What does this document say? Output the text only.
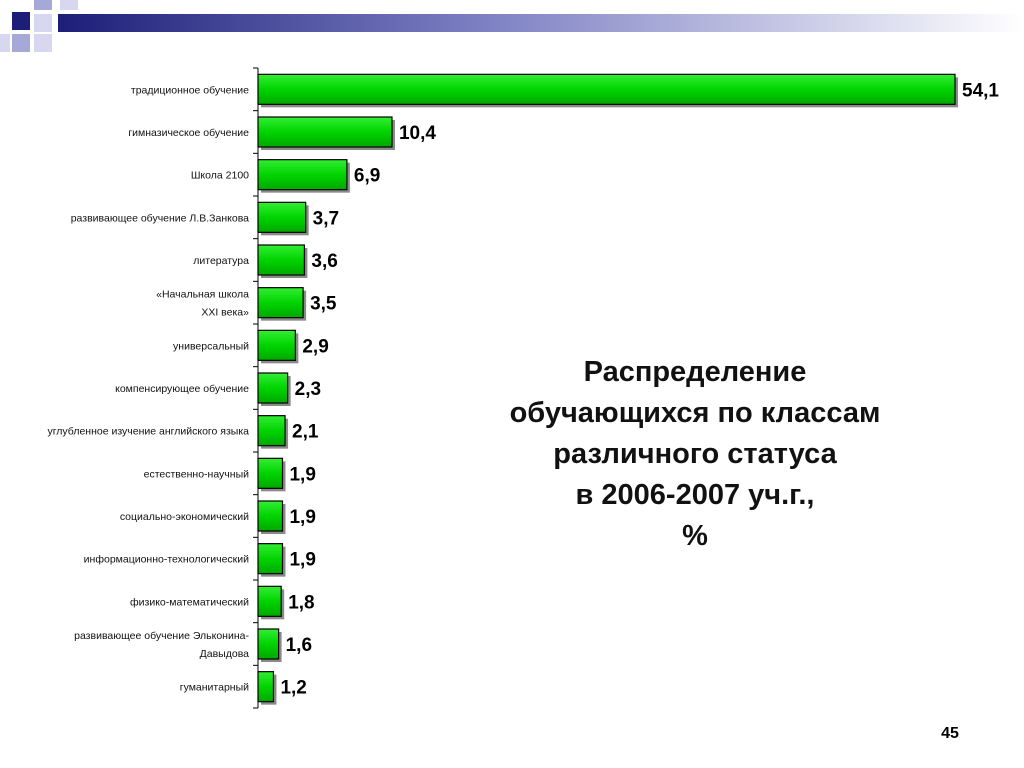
54,1
традиционное обучение
10,4
гимназическое обучение
6,9
Школа 2100
3,7
развивающее обучение Л.В.Занкова
3,6
литература
3,5
«Начальная школа XXI века»
2,9
универсальный
2,3
компенсирующее обучение
2,1
углубленное изучение английского языка
1,9
естественно-научный
1,9
социально-экономический
1,9
информационно-технологический
1,8
физико-математический
1,6
развивающее обучение Эльконина-Давыдова
1,2
гуманитарный
Распределение
обучающихся по классам
различного статуса
в 2006-2007 уч.г.,
%
45
